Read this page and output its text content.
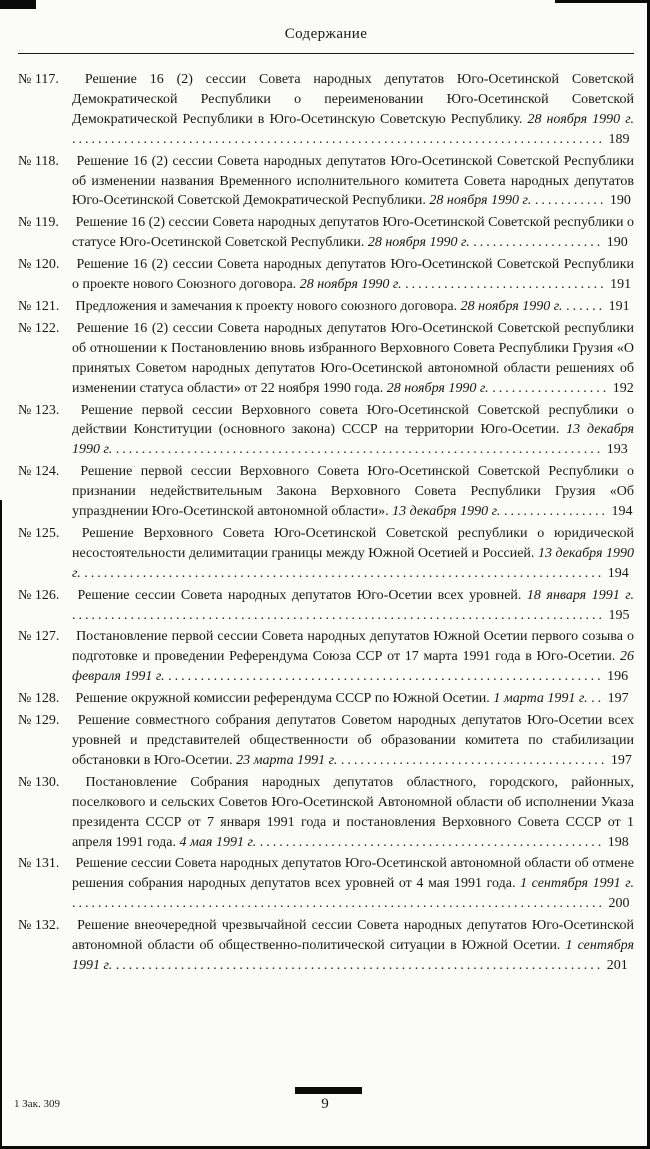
Содержание

№ 117. Решение 16 (2) сессии Совета народных депутатов Юго-Осетинской Советской Демократической Республики о переименовании Юго-Осетинской Советской Демократической Республики в Юго-Осетинскую Советскую Республику. 28 ноября 1990 г. .................................................................................. 189

№ 118. Решение 16 (2) сессии Совета народных депутатов Юго-Осетинской Советской Республики об изменении названия Временного исполнительного комитета Совета народных депутатов Юго-Осетинской Советской Демократической Республики. 28 ноября 1990 г. ........... 190

№ 119. Решение 16 (2) сессии Совета народных депутатов Юго-Осетинской Советской республики о статусе Юго-Осетинской Советской Республики. 28 ноября 1990 г. .................... 190

№ 120. Решение 16 (2) сессии Совета народных депутатов Юго-Осетинской Советской Республики о проекте нового Союзного договора. 28 ноября 1990 г. ............................... 191

№ 121. Предложения и замечания к проекту нового союзного договора. 28 ноября 1990 г. ...... 191

№ 122. Решение 16 (2) сессии Совета народных депутатов Юго-Осетинской Советской республики об отношении к Постановлению вновь избранного Верховного Совета Республики Грузия «О принятых Советом народных депутатов Юго-Осетинской автономной области решениях об изменении статуса области» от 22 ноября 1990 года. 28 ноября 1990 г. .................. 192

№ 123. Решение первой сессии Верховного совета Юго-Осетинской Советской республики о действии Конституции (основного закона) СССР на территории Юго-Осетии. 13 декабря 1990 г. ........................................................................... 193

№ 124. Решение первой сессии Верховного Совета Юго-Осетинской Советской Республики о признании недействительным Закона Верховного Совета Республики Грузия «Об упразднении Юго-Осетинской автономной области». 13 декабря 1990 г. ................ 194

№ 125. Решение Верховного Совета Юго-Осетинской Советской республики о юридической несостоятельности делимитации границы между Южной Осетией и Россией. 13 декабря 1990 г. ................................................................................ 194

№ 126. Решение сессии Совета народных депутатов Юго-Осетии всех уровней. 18 января 1991 г. .................................................................................. 195

№ 127. Постановление первой сессии Совета народных депутатов Южной Осетии первого созыва о подготовке и проведении Референдума Союза ССР от 17 марта 1991 года в Юго-Осетии. 26 февраля 1991 г. ................................................................... 196

№ 128. Решение окружной комиссии референдума СССР по Южной Осетии. 1 марта 1991 г. .. 197

№ 129. Решение совместного собрания депутатов Советом народных депутатов Юго-Осетии всех уровней и представителей общественности об образовании комитета по стабилизации обстановки в Юго-Осетии. 23 марта 1991 г. ......................................... 197

№ 130. Постановление Собрания народных депутатов областного, городского, районных, поселкового и сельских Советов Юго-Осетинской Автономной области об исполнении Указа президента СССР от 7 января 1991 года и постановления Верховного Совета СССР от 1 апреля 1991 года. 4 мая 1991 г. ..................................................... 198

№ 131. Решение сессии Совета народных депутатов Юго-Осетинской автономной области об отмене решения собрания народных депутатов всех уровней от 4 мая 1991 года. 1 сентября 1991 г. .................................................................................. 200

№ 132. Решение внеочередной чрезвычайной сессии Совета народных депутатов Юго-Осетинской автономной области об общественно-политической ситуации в Южной Осетии. 1 сентября 1991 г. ........................................................................... 201

1 Зак. 309	9
